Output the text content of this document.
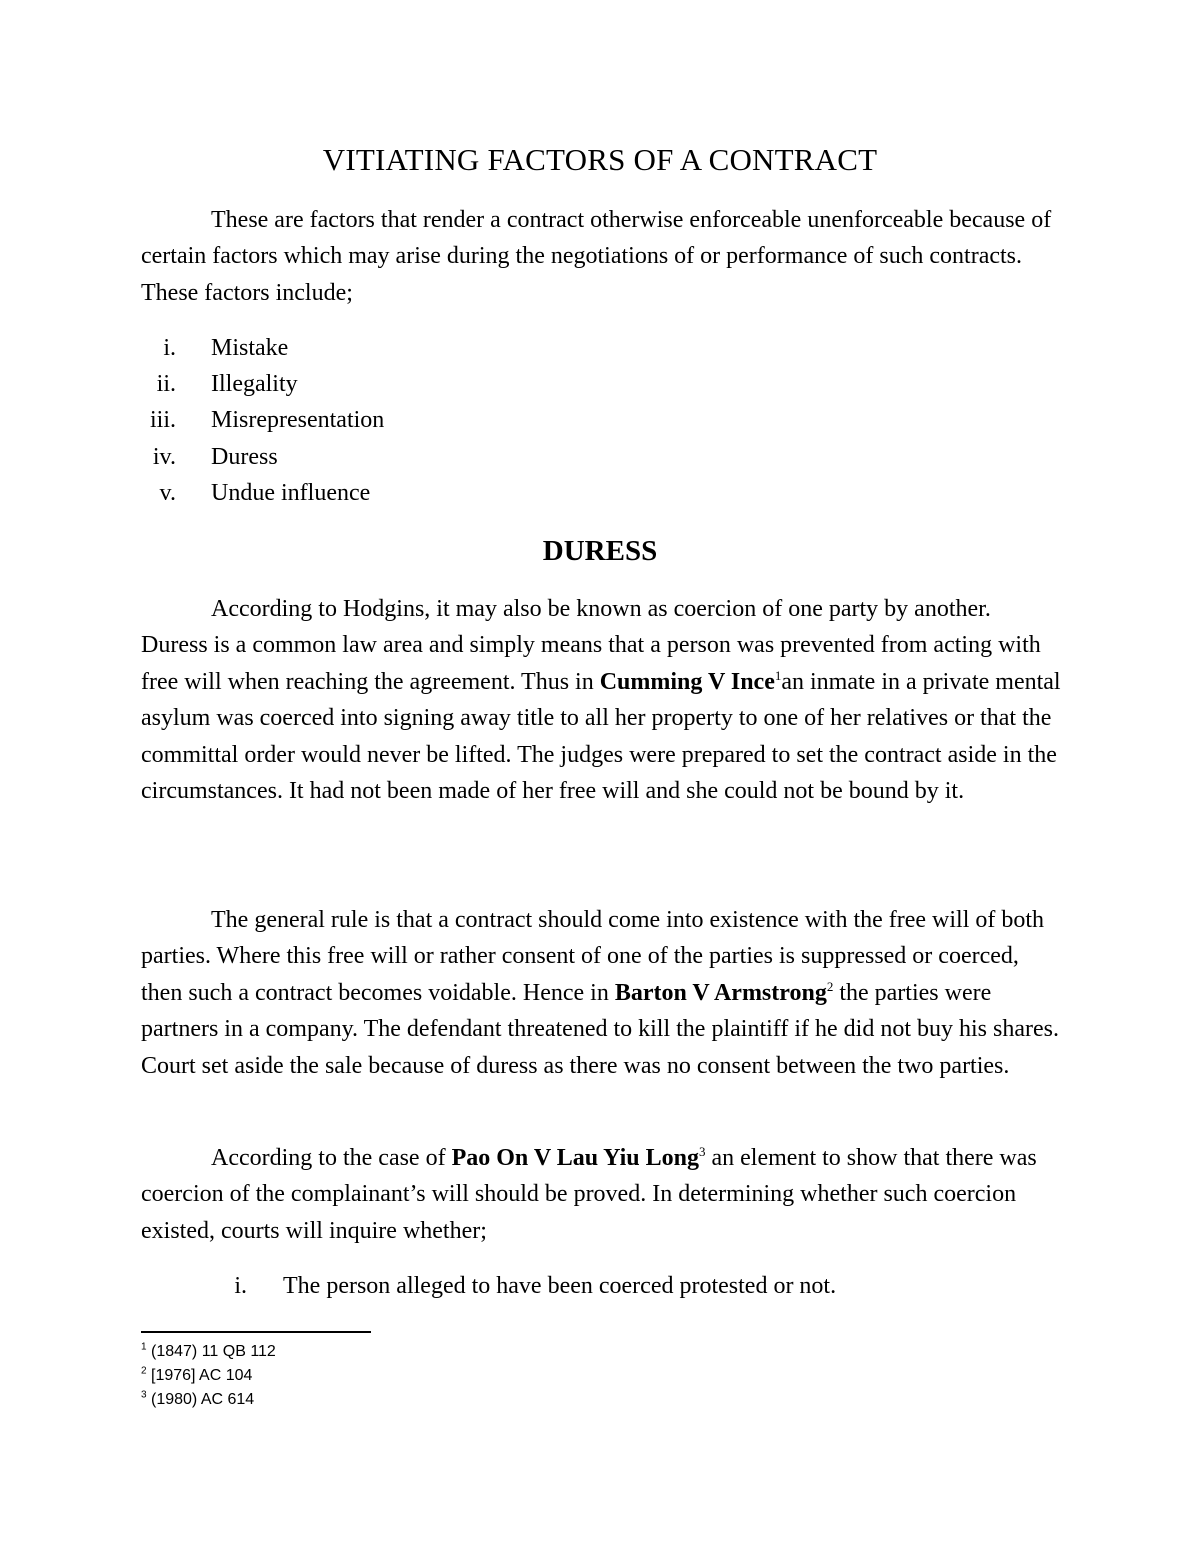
VITIATING FACTORS OF A CONTRACT

These are factors that render a contract otherwise enforceable unenforceable because of certain factors which may arise during the negotiations of or performance of such contracts. These factors include;

i. Mistake
ii. Illegality
iii. Misrepresentation
iv. Duress
v. Undue influence
DURESS

According to Hodgins, it may also be known as coercion of one party by another. Duress is a common law area and simply means that a person was prevented from acting with free will when reaching the agreement. Thus in Cumming V Ince$^1$an inmate in a private mental asylum was coerced into signing away title to all her property to one of her relatives or that the committal order would never be lifted. The judges were prepared to set the contract aside in the circumstances. It had not been made of her free will and she could not be bound by it.

The general rule is that a contract should come into existence with the free will of both parties. Where this free will or rather consent of one of the parties is suppressed or coerced, then such a contract becomes voidable. Hence in Barton V Armstrong$^2$ the parties were partners in a company. The defendant threatened to kill the plaintiff if he did not buy his shares. Court set aside the sale because of duress as there was no consent between the two parties.

According to the case of Pao On V Lau Yiu Long$^3$ an element to show that there was coercion of the complainant’s will should be proved. In determining whether such coercion existed, courts will inquire whether;

i. The person alleged to have been coerced protested or not.
$^1$ (1847) 11 QB 112
$^2$ [1976] AC 104
$^3$ (1980) AC 614
